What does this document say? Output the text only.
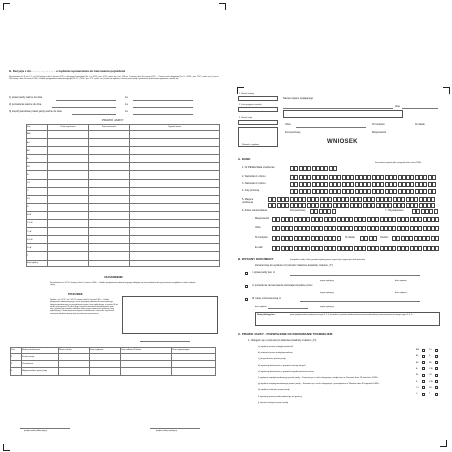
H. Decyzja z dn. . . . . . . . . . . . . . . o wydaniu uprawnienia do kierowania pojazdami
Na podstawie art. 11 ust. 1–5, art. 104 ustawy z dnia 5 stycznia 2011 r. o kierujących pojazdami (Dz. U. z 2014 r. poz. 1276, z późn. zm.) i art. 108 ust. 1 ustawy z dnia 30 czerwca 1997 r. – Prawo o ruchu drogowym (Dz. U. z 2022 r. poz. 1227, z późn. zm.) oraz art. 104 ustawy z dnia 14 czerwca 1960 r. Kodeks postępowania administracyjnego (Dz. U. z 2024 r. poz. 572, z późn. zm.) orzeka się wydanie, w formie prawa jazdy, uprawnienia do kierowania pojazdami i określa się:
1) prawo jazdy ważne do dnia	za
2) pozwolenie ważne do dnia	za
3) międzynarodowe prawo jazdy ważne do dnia	za
PRAWO JAZDY
Kat.	Data uzyskania	Data ważności	Ograniczenia
AM			
A1			
A2			
A			
B1			
B			
C1			
C			
D1			
D			
B+E			
C1+E			
C+E			
D1+E			
D+E			
T			
Kod ogólny			
UZASADNIENIE
Na podstawie art. 107 § 4 ustawy z dnia 14 czerwca 1960 r. – Kodeks postępowania administracyjnego odstępuje się od uzasadnienia decyzji, ponieważ uwzględnia w całości żądanie strony.
POUCZENIE
Zgodnie z art. 127 § 1 i art. 129 § 2 ustawy z dnia 14 czerwca 1960 r. – Kodeks postępowania administracyjnego, stronie przysługuje odwołanie do samorządowego kolegium odwoławczego, za pośrednictwem organu, który wydał decyzję, w terminie 14 dni od dnia jej doręczenia. W trakcie biegu terminu do wniesienia odwołania strona może zrzec się prawa do wniesienia odwołania wobec organu administracji publicznej, który wydał decyzję. Z dniem doręczenia organowi oświadczenia o zrzeczeniu się prawa do wniesienia odwołania decyzja staje się ostateczna i prawomocna.
Poz.	Rodzaj dokumentu	Numer druku	Data wydania	Data odbioru/Telefon	Data wydania/ppo
1	Prawo jazdy				
2	Pozwolenie				
3	Międzynarodowe prawo jazdy				
podpis osoby odbierającej	podpis osoby wydającej
1. Numer kolejny
2. Data przyjęcia wniosku
3. Numer karty
Wniosek o wydanie
Nazwa organu wydającego
dnia
Ulica	Nr budynku	Nr lokalu
Kod pocztowy	Miejscowość
WNIOSEK
A. DANE
1. Nr PESEL/Data urodzenia¹
Data urodzenia wypełnia tylko w przypadku braku numeru PESEL
2. Nazwisko 1 członu
3. Nazwisko 2 członu
4. Imię (imiona)
5. Miejsce urodzenia
6. Adres zamieszkania	Kod pocztowy	7. Obywatelstwo
Miejscowość
Ulica
Nr budynku	Nr lokalu	Telefon⁴
E-mail⁴
B. WYDANY DOKUMENT	(uzupełnia osoba, która posiada wydany przez organ kraju wytycznych dokumentów)
Zwracam/się do wydania mi (zaznacz właściwe kwadraty znakiem „X”)
I. prawo jazdy kat. nr
organ wydający	data wydania
II. pozwolenie do kierowania tramwajem/wydane przez
organ wydający	data wydania
III. kartę motorowerową nr
data wydania	organ wydający
Dodaj obsługę kto –	prawo jazdy/pozwolenie wydane przez organ S. F. G. pozwolenie z powodu uszkodzenia/zniszczenia/utraty/kradzieży. wymiana/wymiana do nowego organu S. F. G.
C. PRAWO JAZDY - POZWOLENIE NA KIEROWANIE TRAMWAJEM
1. Ubiegam się o (zaznaczyć właściwe kwadraty znakiem „X”):
a) wydanie prawa jazdy/pozwolenia²
b) zamiana prawa jazdy/pozwolenia
c) przywrócenie prawa jazdy
d) wymianę dokumentu z powodu zmiany danych
e) wymianę dokumentu z powodu zagubienia/zniszczenia
f) wydanie międzynarodowego prawa jazdy – Konwencja o ruchu drogowym, podpisana w Genewie dnia 19 września 1949 r.
g) wydanie międzynarodowego prawa jazdy – Konwencja o ruchu drogowym, sporządzona w Wiedniu dnia 8 listopada 1968 r.
h) wydanie wtórnika prawa jazdy
i) wymianę prawa jazdy wydanego za granicą
j) zmiana kategorii prawa jazdy
AM
A1
A2
A
B1
B
C1
C
D1
D
BE
C1E
CE
D1E
DE
T
